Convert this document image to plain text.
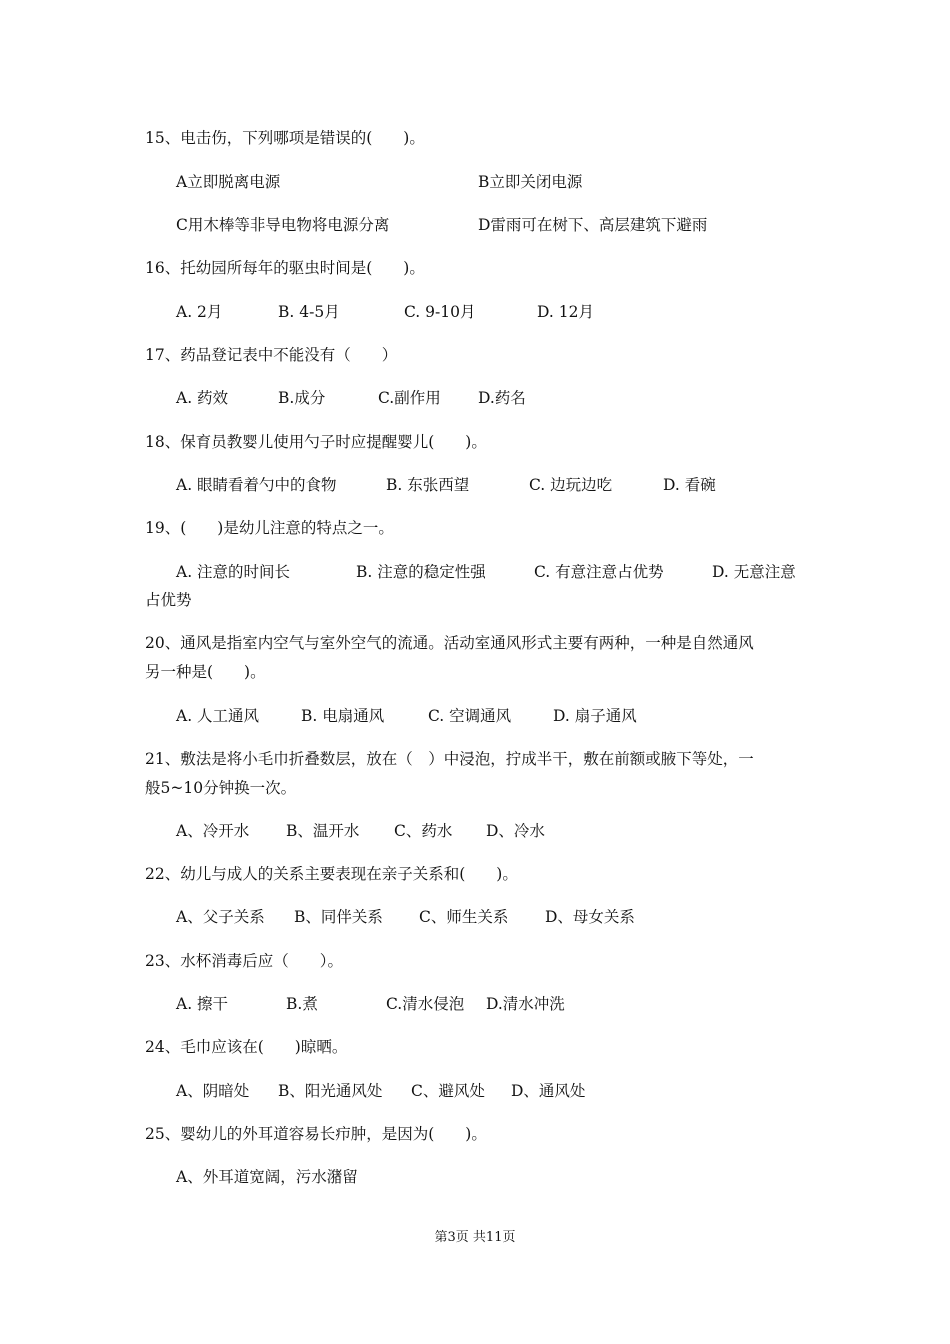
15、电击伤，下列哪项是错误的(　　)。
A立即脱离电源	B立即关闭电源
C用木棒等非导电物将电源分离	D雷雨可在树下、高层建筑下避雨
16、托幼园所每年的驱虫时间是(　　)。
A. 2月	B. 4-5月	C. 9-10月	D. 12月
17、药品登记表中不能没有（　　）
A. 药效	B.成分	C.副作用 D.药名
18、保育员教婴儿使用勺子时应提醒婴儿(　　)。
A. 眼睛看着勺中的食物	B. 东张西望	C. 边玩边吃	D. 看碗
19、(　　)是幼儿注意的特点之一。
A. 注意的时间长	B. 注意的稳定性强	C. 有意注意占优势	D. 无意注意
占优势
20、通风是指室内空气与室外空气的流通。活动室通风形式主要有两种，一种是自然通风
另一种是(　　)。
A. 人工通风	B. 电扇通风	C. 空调通风	D. 扇子通风
21、敷法是将小毛巾折叠数层，放在（　）中浸泡，拧成半干，敷在前额或腋下等处，一
般5~10分钟换一次。
A、冷开水 B、温开水 C、药水 D、冷水
22、幼儿与成人的关系主要表现在亲子关系和(　　)。
A、父子关系 B、同伴关系 C、师生关系 D、母女关系
23、水杯消毒后应（　　）。
A. 擦干	B.煮	C.清水侵泡 D.清水冲洗
24、毛巾应该在(　　)晾晒。
A、阴暗处 B、阳光通风处 C、避风处 D、通风处
25、婴幼儿的外耳道容易长疖肿，是因为(　　)。
A、外耳道宽阔，污水潴留
第3页 共11页
